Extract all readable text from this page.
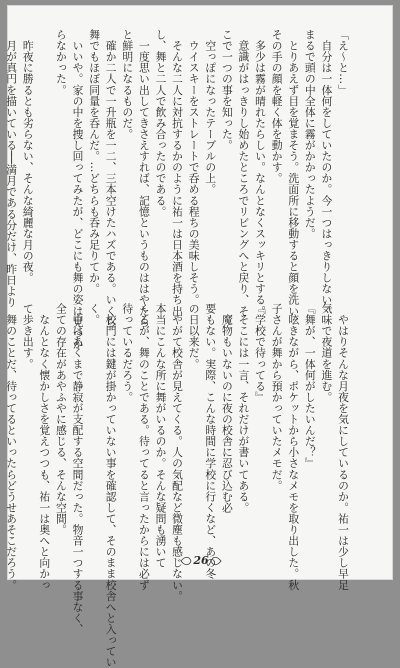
「え～と…」
　自分は一体何をしていたのか。今一つはっきりしない。
まるで頭の中全体に霧がかかったようだ。
　とりあえず目を覚まそう。洗面所に移動すると顔を洗い、
その手の顔を軽く体を動かす。
　多少は霧が晴れたらしい。なんとなくスッキリとする。
　意識がはっきりし始めたところでリビングへと戻り、そ
こで一つの事を知った。
　空っぽになったテーブルの上。
　ウイスキーをストレートで呑める程ちの美味しそう。
　そんな二人に対抗するかのように祐一は日本酒を持ち出
し、舞と二人で飲み合ったのである。
　一度思い出してきさえすれば、記憶というものははやたら
と鮮明になるものだ。
　確か二人で一升瓶を一二、三本空けたハズである。いくら
舞でもほぼ同量を呑んだ。…どちらも呑み足りてか。
　いいや。家の中を捜し回ってみたが、どこにも舞の姿は見つか
らなかった。

　昨夜に勝るとも劣らない、そんな綺麗な月の夜。
　月が真円を描いている──満月である分だけ、昨日より

　やはりそんな月夜を気にしているのか。祐一は少し早足
気味で夜道を進む。
『舞が、一体何がしたいんだ？』
　呟きながら、ポケットから小さなメモを取り出した。秋
子さんが舞から預かっていたメモだ。
『学校で待ってる』
　そこには一言、それだけが書いてある。
　魔物もいないのに夜の校舎に忍び込む必
要もない。実際、こんな時間に学校に行くなど、あの冬
の日以来だ。
　やがて校舎が見えてくる。人の気配など微塵も感じない。
本当にこんな所に舞がいるのか。そんな疑問も湧いて
くるが、舞のことである。待ってると言ったからには必ず
待っているだろう。
　校門には鍵が掛かっていない事を確認して、そのまま校舎へと入ってい
く。
　中はあくまで静寂が支配する空間だった。物音一つする事なく、
全ての存在があやふやに感じる、そんな空間。
　なんとなく懐かしさを覚えつつも、祐一は奥へと向かっ
て歩き出す。
　舞のことだ、待ってるといったらどうせあそこだろう。
　	26
